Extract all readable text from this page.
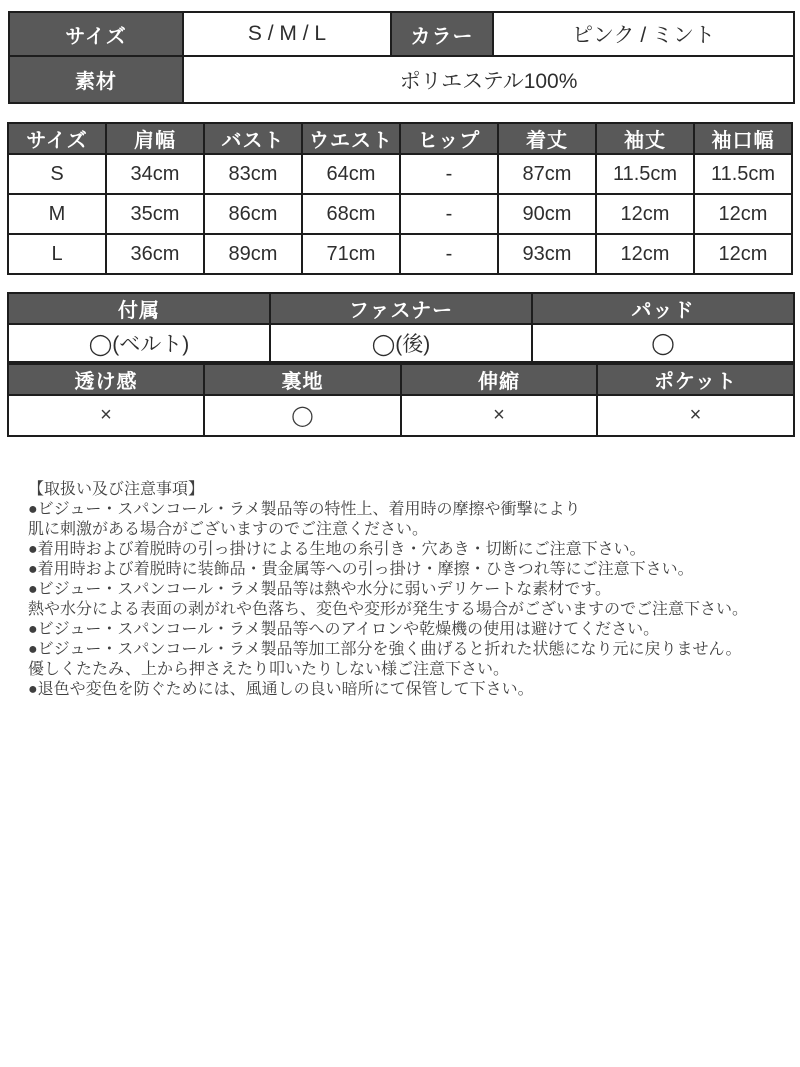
サイズ	S / M / L	カラー	ピンク / ミント
素材	ポリエステル100%		
サイズ	肩幅	バスト	ウエスト	ヒップ	着丈	袖丈	袖口幅
S	34cm	83cm	64cm	-	87cm	11.5cm	11.5cm
M	35cm	86cm	68cm	-	90cm	12cm	12cm
L	36cm	89cm	71cm	-	93cm	12cm	12cm
付属	ファスナー	パッド
◯(ベルト)	◯(後)	◯
透け感	裏地	伸縮	ポケット
×	◯	×	×
【取扱い及び注意事項】
●ビジュー・スパンコール・ラメ製品等の特性上、着用時の摩擦や衝撃により
肌に刺激がある場合がございますのでご注意ください。
●着用時および着脱時の引っ掛けによる生地の糸引き・穴あき・切断にご注意下さい。
●着用時および着脱時に装飾品・貴金属等への引っ掛け・摩擦・ひきつれ等にご注意下さい。
●ビジュー・スパンコール・ラメ製品等は熱や水分に弱いデリケートな素材です。
熱や水分による表面の剥がれや色落ち、変色や変形が発生する場合がございますのでご注意下さい。
●ビジュー・スパンコール・ラメ製品等へのアイロンや乾燥機の使用は避けてください。
●ビジュー・スパンコール・ラメ製品等加工部分を強く曲げると折れた状態になり元に戻りません。
優しくたたみ、上から押さえたり叩いたりしない様ご注意下さい。
●退色や変色を防ぐためには、風通しの良い暗所にて保管して下さい。
